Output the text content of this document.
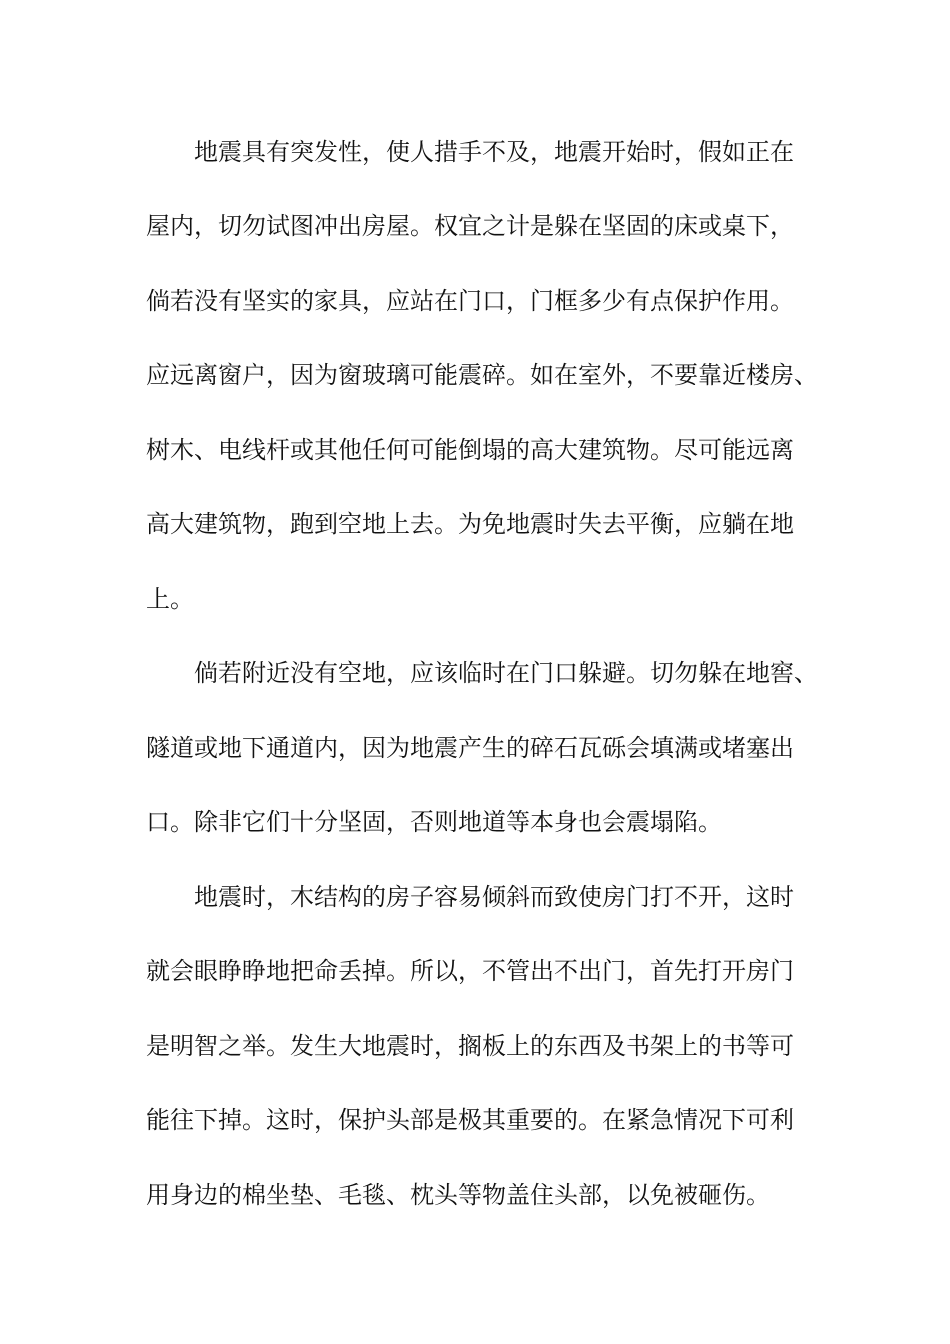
地震具有突发性，使人措手不及，地震开始时，假如正在
屋内，切勿试图冲出房屋。权宜之计是躲在坚固的床或桌下，
倘若没有坚实的家具，应站在门口，门框多少有点保护作用。
应远离窗户，因为窗玻璃可能震碎。如在室外，不要靠近楼房、
树木、电线杆或其他任何可能倒塌的高大建筑物。尽可能远离
高大建筑物，跑到空地上去。为免地震时失去平衡，应躺在地
上。
倘若附近没有空地，应该临时在门口躲避。切勿躲在地窖、
隧道或地下通道内，因为地震产生的碎石瓦砾会填满或堵塞出
口。除非它们十分坚固，否则地道等本身也会震塌陷。
地震时，木结构的房子容易倾斜而致使房门打不开，这时
就会眼睁睁地把命丢掉。所以，不管出不出门，首先打开房门
是明智之举。发生大地震时，搁板上的东西及书架上的书等可
能往下掉。这时，保护头部是极其重要的。在紧急情况下可利
用身边的棉坐垫、毛毯、枕头等物盖住头部，以免被砸伤。
